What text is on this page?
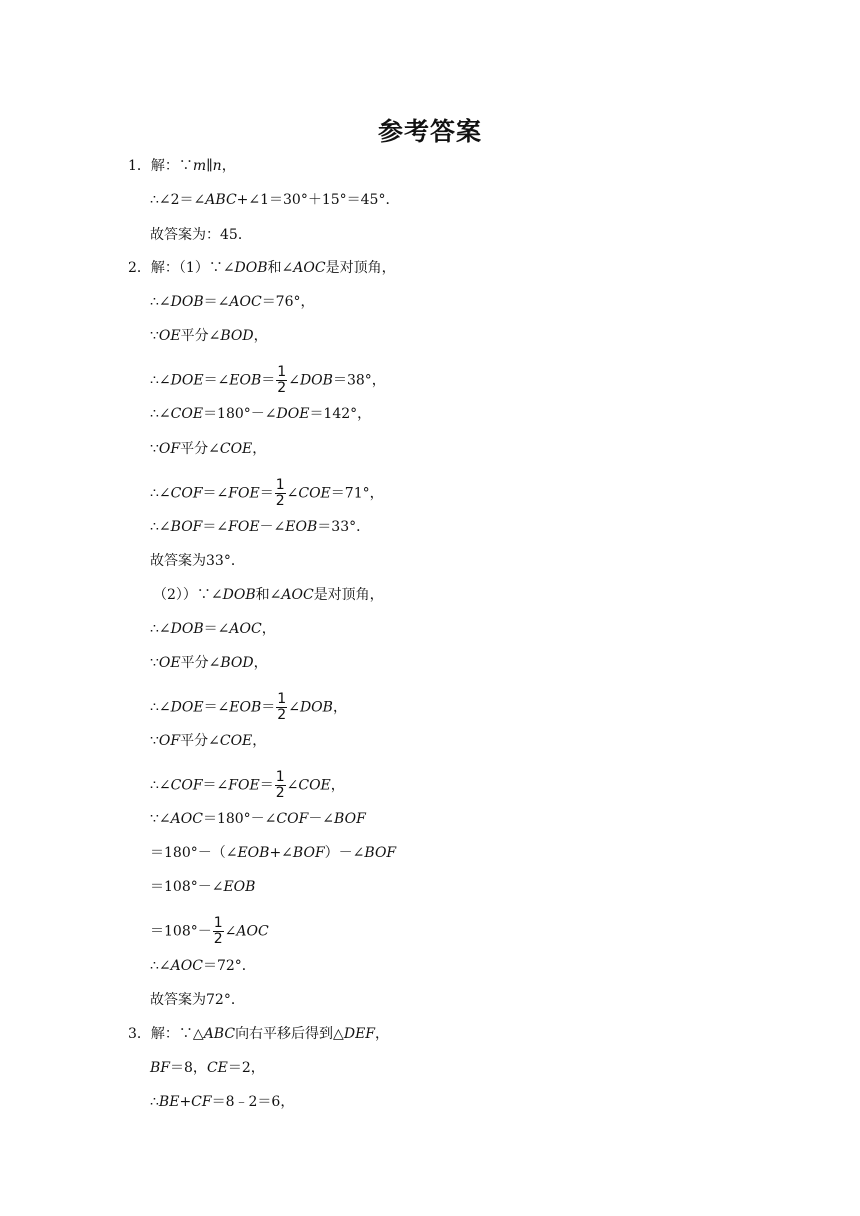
参考答案
1．解：∵m∥n，
∴∠2＝∠ABC+∠1＝30°＋15°＝45°．
故答案为：45．
2．解：（1）∵∠DOB和∠AOC是对顶角，
∴∠DOB＝∠AOC＝76°，
∵OE平分∠BOD，
∴∠DOE＝∠EOB＝ $\frac{1}{2}$ ∠DOB＝38°，
∴∠COE＝180°－∠DOE＝142°，
∵OF平分∠COE，
∴∠COF＝∠FOE＝ $\frac{1}{2}$ ∠COE＝71°，
∴∠BOF＝∠FOE－∠EOB＝33°．
故答案为33°．
（2））∵∠DOB和∠AOC是对顶角，
∴∠DOB＝∠AOC，
∵OE平分∠BOD，
∴∠DOE＝∠EOB＝ $\frac{1}{2}$ ∠DOB，
∵OF平分∠COE，
∴∠COF＝∠FOE＝ $\frac{1}{2}$ ∠COE，
∵∠AOC＝180°－∠COF－∠BOF
＝180°－（∠EOB+∠BOF）－∠BOF
＝108°－∠EOB
$=108^\circ- \frac{1}{2}$ ∠AOC
∴∠AOC＝72°．
故答案为72°．
3．解：∵△ABC向右平移后得到△DEF，
BF＝8，CE＝2，
∴BE+CF＝8﹣2＝6，
